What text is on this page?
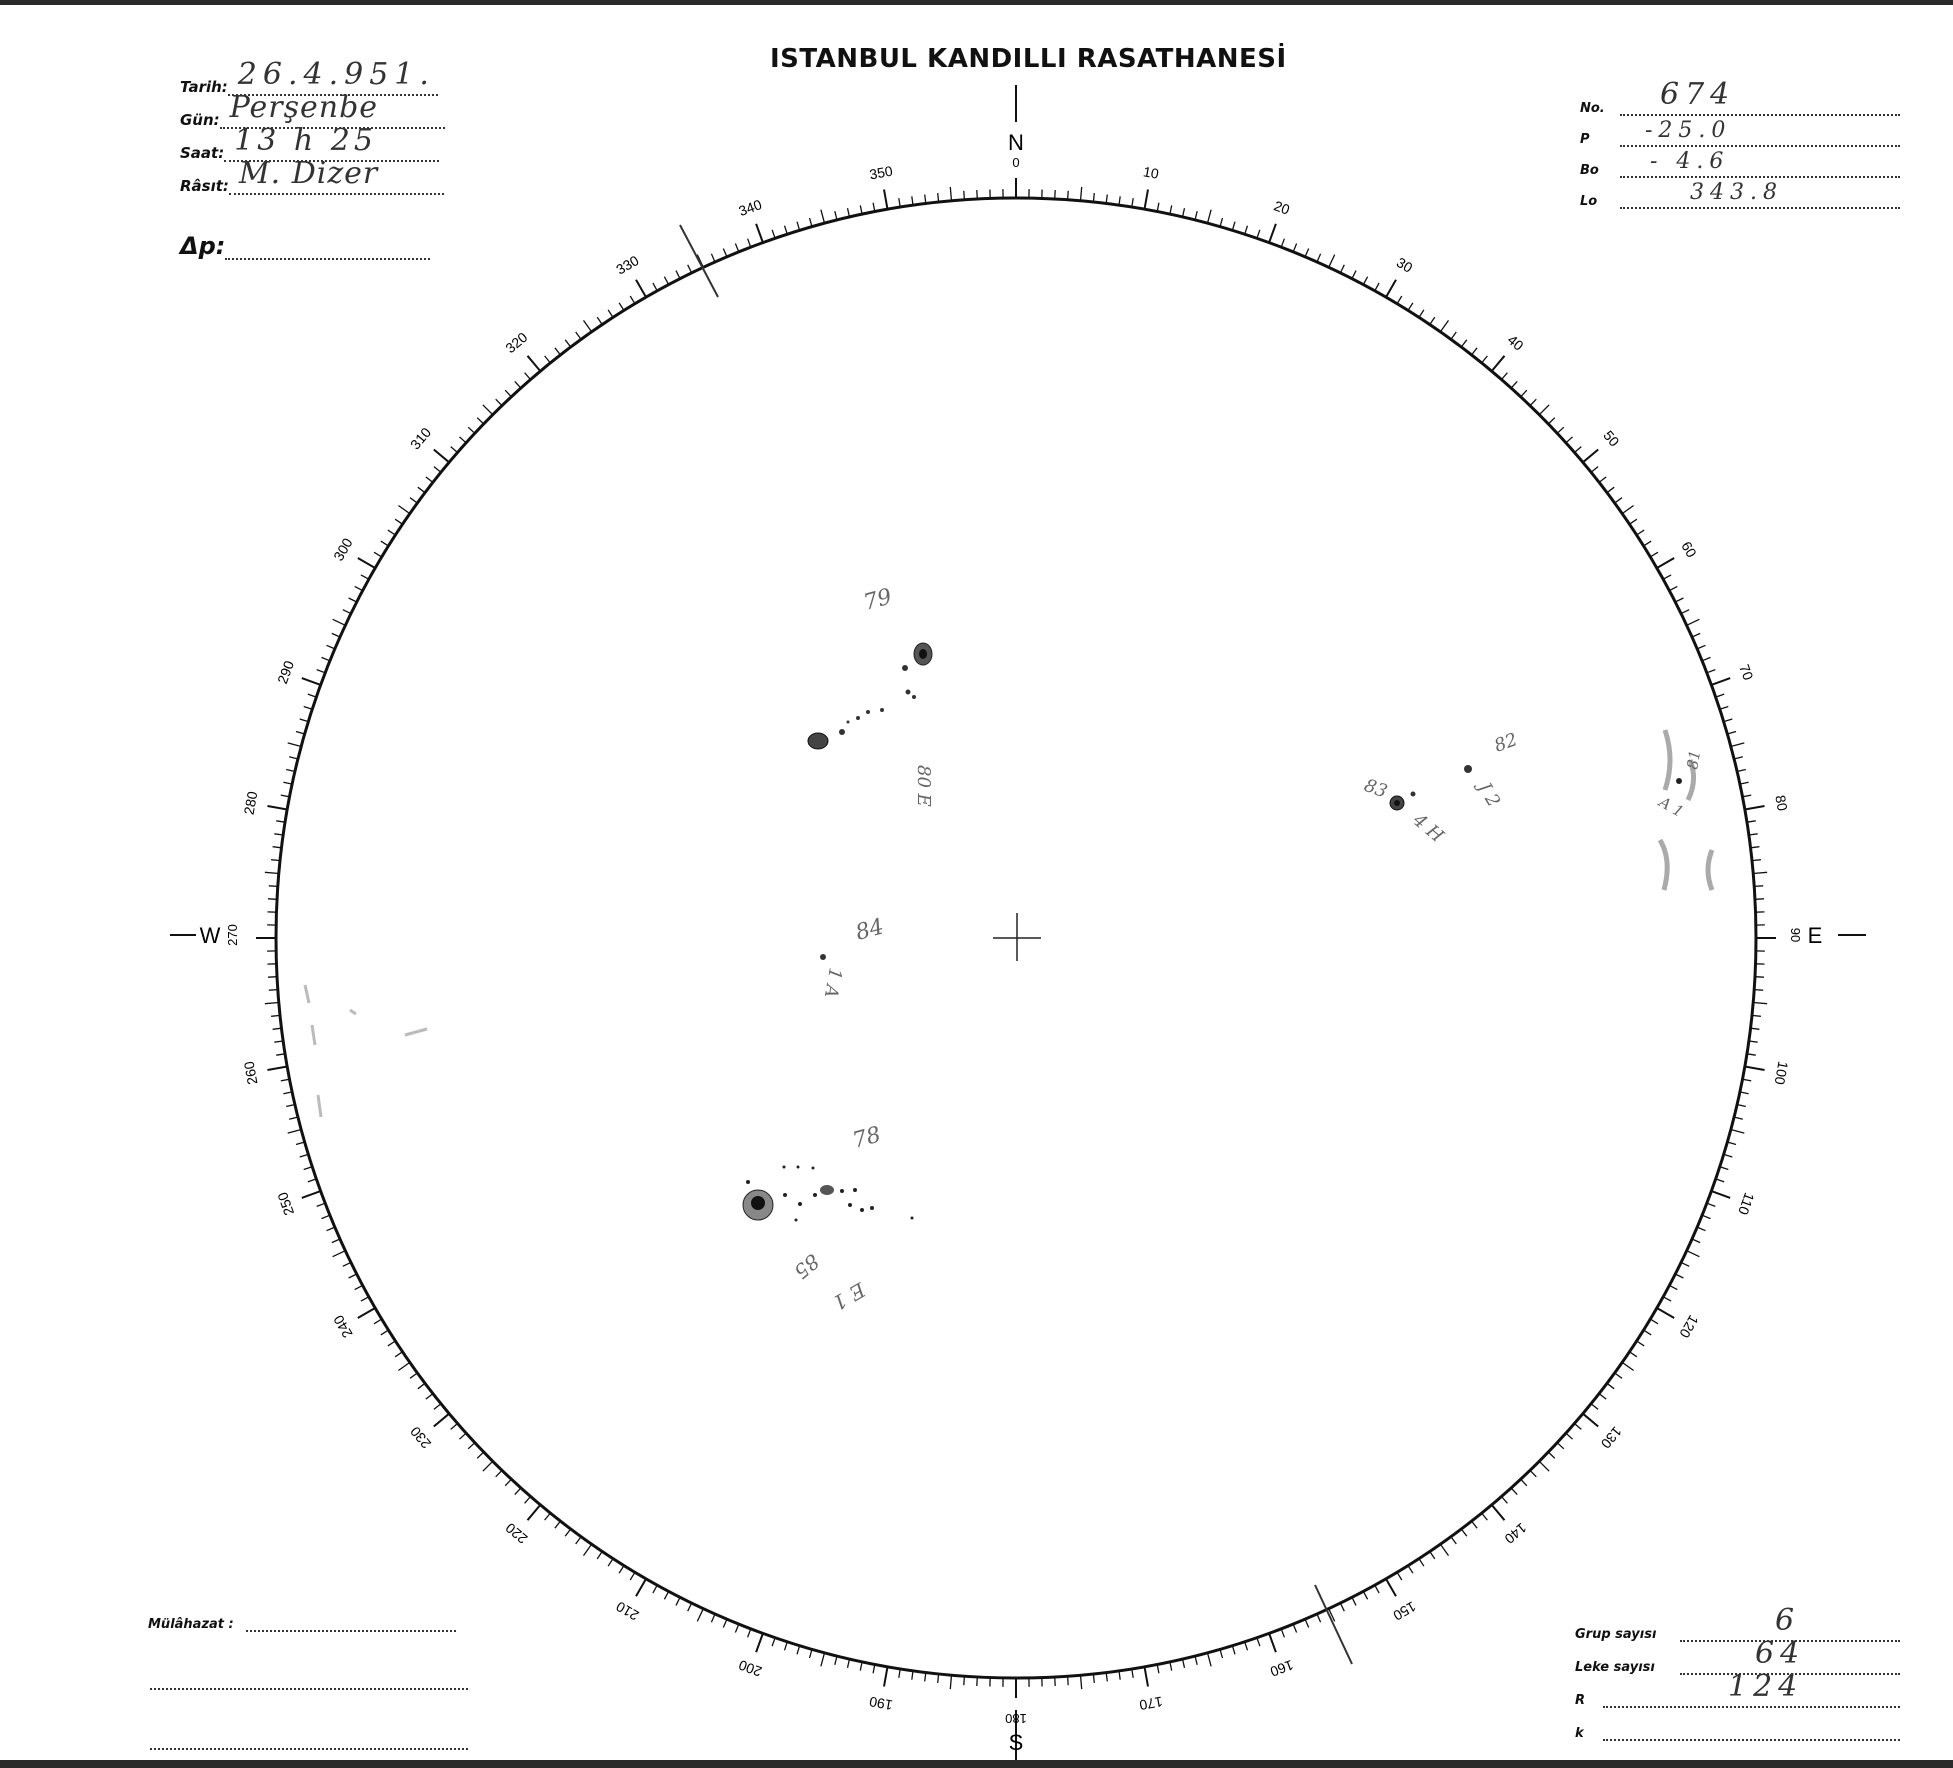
ISTANBUL KANDILLI RASATHANESİ
Tarih: 26.4.951.
Gün: Perşenbe
Saat: 13 h 25
Râsıt: M. Dizer
Δp:
No.	674
P	-25.0
Bo	- 4.6
Lo	343.8
Mülâhazat :
Grup sayısı	6
Leke sayısı	64
R	124
k
10
20
30
40
50
60
70
80
100
110
120
130
140
150
160
170
190
200
210
220
230
240
250
260
280
290
300
310
320
330
340
350
N
0
S
180
W 270	E
90
79
80 E
82
J 2
83
4 H
81
A 1
84
1 A
78
85
E 1
